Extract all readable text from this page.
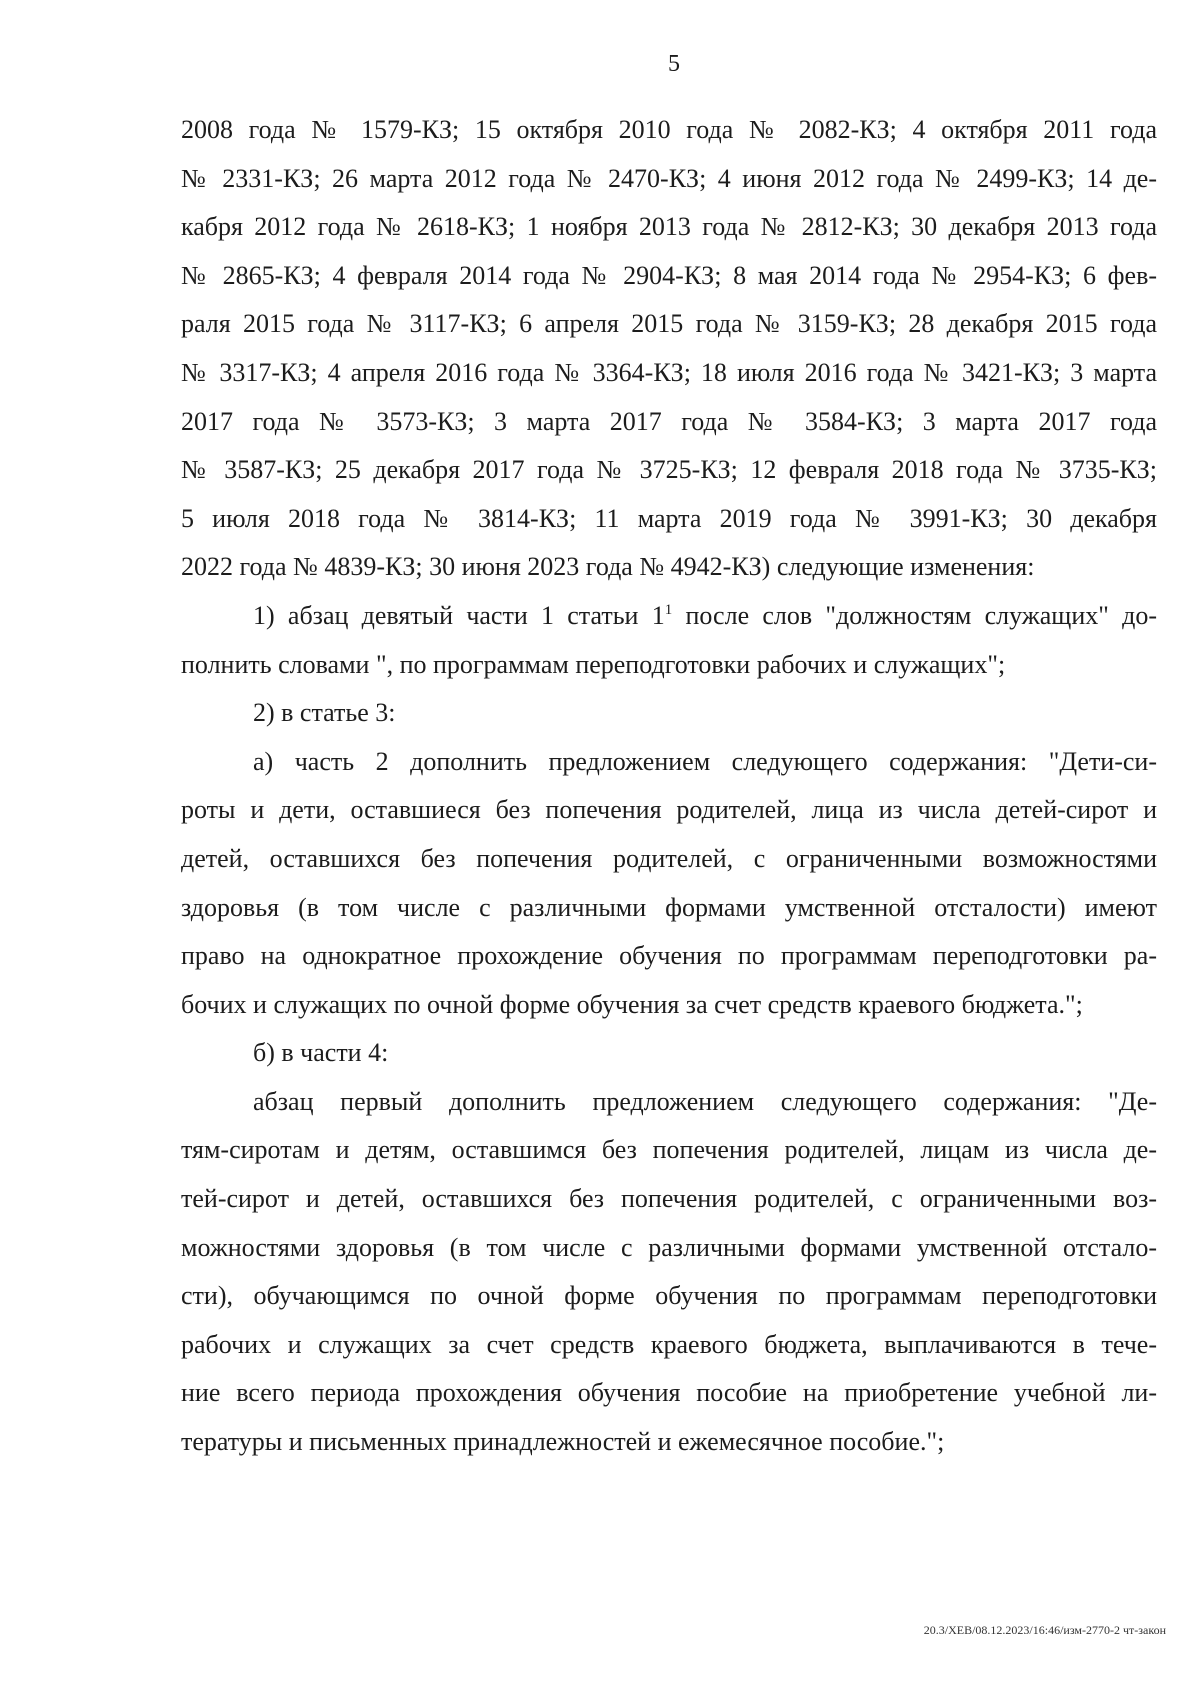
5
2008 года № 1579-КЗ; 15 октября 2010 года № 2082-КЗ; 4 октября 2011 года
№ 2331-КЗ; 26 марта 2012 года № 2470-КЗ; 4 июня 2012 года № 2499-КЗ; 14 де-
кабря 2012 года № 2618-КЗ; 1 ноября 2013 года № 2812-КЗ; 30 декабря 2013 года
№ 2865-КЗ; 4 февраля 2014 года № 2904-КЗ; 8 мая 2014 года № 2954-КЗ; 6 фев-
раля 2015 года № 3117-КЗ; 6 апреля 2015 года № 3159-КЗ; 28 декабря 2015 года
№ 3317-КЗ; 4 апреля 2016 года № 3364-КЗ; 18 июля 2016 года № 3421-КЗ; 3 марта
2017 года № 3573-КЗ; 3 марта 2017 года № 3584-КЗ; 3 марта 2017 года
№ 3587-КЗ; 25 декабря 2017 года № 3725-КЗ; 12 февраля 2018 года № 3735-КЗ;
5 июля 2018 года № 3814-КЗ; 11 марта 2019 года № 3991-КЗ; 30 декабря
2022 года № 4839-КЗ; 30 июня 2023 года № 4942-КЗ) следующие изменения:
1) абзац девятый части 1 статьи $1^1$ после слов "должностям служащих" до-
полнить словами ", по программам переподготовки рабочих и служащих";
2) в статье 3:
а) часть 2 дополнить предложением следующего содержания: "Дети-си-
роты и дети, оставшиеся без попечения родителей, лица из числа детей-сирот и
детей, оставшихся без попечения родителей, с ограниченными возможностями
здоровья (в том числе с различными формами умственной отсталости) имеют
право на однократное прохождение обучения по программам переподготовки ра-
бочих и служащих по очной форме обучения за счет средств краевого бюджета.";
б) в части 4:
абзац первый дополнить предложением следующего содержания: "Де-
тям-сиротам и детям, оставшимся без попечения родителей, лицам из числа де-
тей-сирот и детей, оставшихся без попечения родителей, с ограниченными воз-
можностями здоровья (в том числе с различными формами умственной отстало-
сти), обучающимся по очной форме обучения по программам переподготовки
рабочих и служащих за счет средств краевого бюджета, выплачиваются в тече-
ние всего периода прохождения обучения пособие на приобретение учебной ли-
тературы и письменных принадлежностей и ежемесячное пособие.";
20.3/ХЕВ/08.12.2023/16:46/изм-2770-2 чт-закон
